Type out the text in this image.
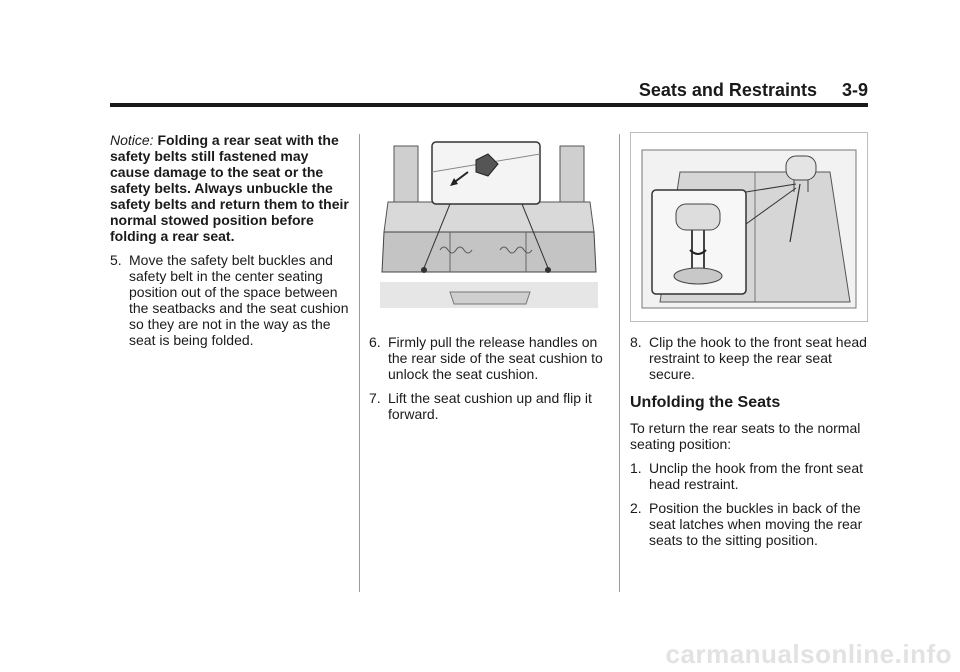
Seats and Restraints 3-9

Notice: Folding a rear seat with the safety belts still fastened may cause damage to the seat or the safety belts. Always unbuckle the safety belts and return them to their normal stowed position before folding a rear seat.

5. Move the safety belt buckles and safety belt in the center seating position out of the space between the seatbacks and the seat cushion so they are not in the way as the seat is being folded.	6. Firmly pull the release handles on the rear side of the seat cushion to unlock the seat cushion.
7. Lift the seat cushion up and flip it forward.
8. Clip the hook to the front seat head restraint to keep the rear seat secure.
Unfolding the Seats

To return the rear seats to the normal seating position:

1. Unclip the hook from the front seat head restraint.
2. Position the buckles in back of the seat latches when moving the rear seats to the sitting position.
carmanualsonline.info
